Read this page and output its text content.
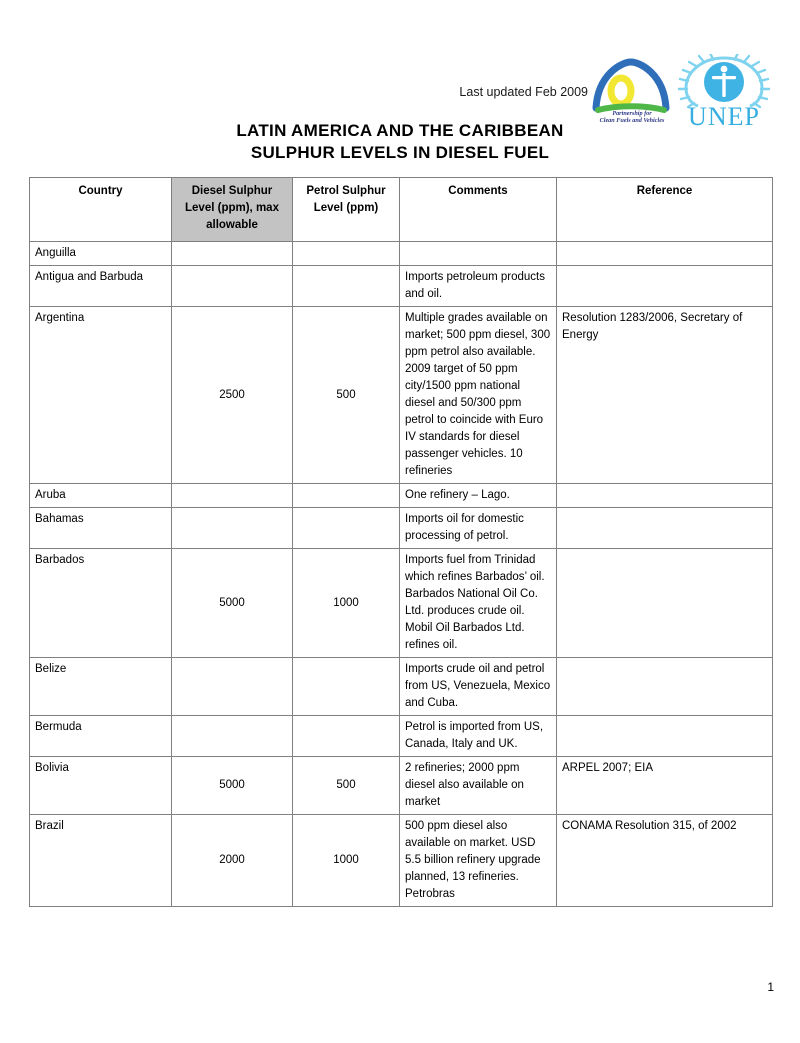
Last updated Feb 2009
Partnership for
Clean Fuels and Vehicles UNEP
LATIN AMERICA AND THE CARIBBEAN
SULPHUR LEVELS IN DIESEL FUEL
Country	Diesel Sulphur Level (ppm), max allowable	Petrol Sulphur Level (ppm)	Comments	Reference
Anguilla				
Antigua and Barbuda			Imports petroleum products and oil.	
Argentina	2500	500	Multiple grades available on market; 500 ppm diesel, 300 ppm petrol also available. 2009 target of 50 ppm city/1500 ppm national diesel and 50/300 ppm petrol to coincide with Euro IV standards for diesel passenger vehicles. 10 refineries	Resolution 1283/2006, Secretary of Energy
Aruba			One refinery – Lago.	
Bahamas			Imports oil for domestic processing of petrol.	
Barbados	5000	1000	Imports fuel from Trinidad which refines Barbados’ oil. Barbados National Oil Co. Ltd. produces crude oil. Mobil Oil Barbados Ltd. refines oil.	
Belize			Imports crude oil and petrol from US, Venezuela, Mexico and Cuba.	
Bermuda			Petrol is imported from US, Canada, Italy and UK.	
Bolivia	5000	500	2 refineries; 2000 ppm diesel also available on market	ARPEL 2007; EIA
Brazil	2000	1000	500 ppm diesel also available on market. USD 5.5 billion refinery upgrade planned, 13 refineries. Petrobras	CONAMA Resolution 315, of 2002
1
